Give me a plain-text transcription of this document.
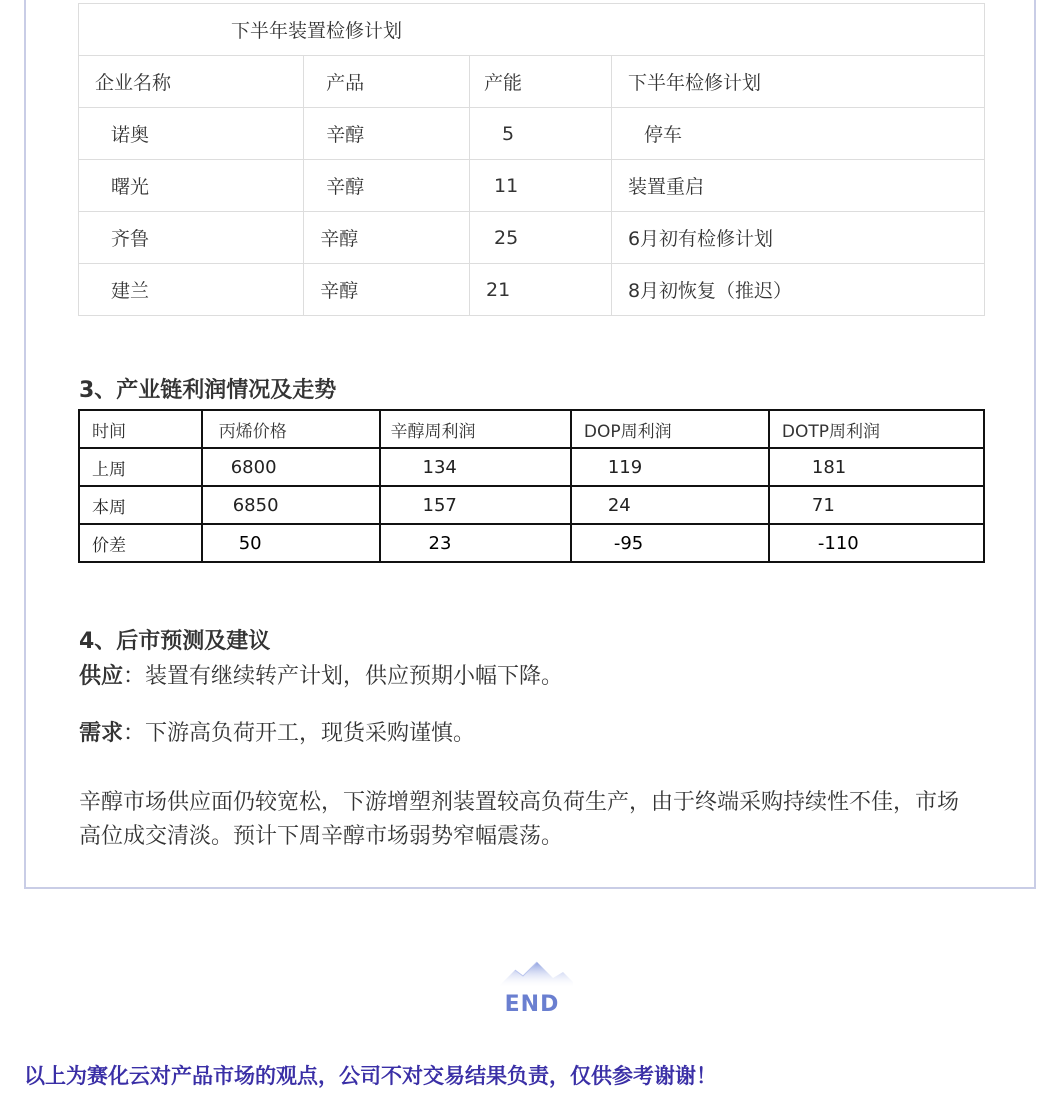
下半年装置检修计划			
企业名称	产品	产能	下半年检修计划
诺奥	辛醇	5	停车
曙光	辛醇	11	装置重启
齐鲁	辛醇	25	6月初有检修计划
建兰	辛醇	21	8月初恢复（推迟）
3、产业链利润情况及走势
时间	丙烯价格	辛醇周利润	DOP周利润	DOTP周利润
上周	6800	134	119	181
本周	6850	157	24	71
价差	50	23	-95	-110
4、后市预测及建议

供应：装置有继续转产计划，供应预期小幅下降。

需求：下游高负荷开工，现货采购谨慎。

辛醇市场供应面仍较宽松，下游增塑剂装置较高负荷生产，由于终端采购持续性不佳，市场高位成交清淡。预计下周辛醇市场弱势窄幅震荡。

END
以上为赛化云对产品市场的观点，公司不对交易结果负责，仅供参考谢谢！
